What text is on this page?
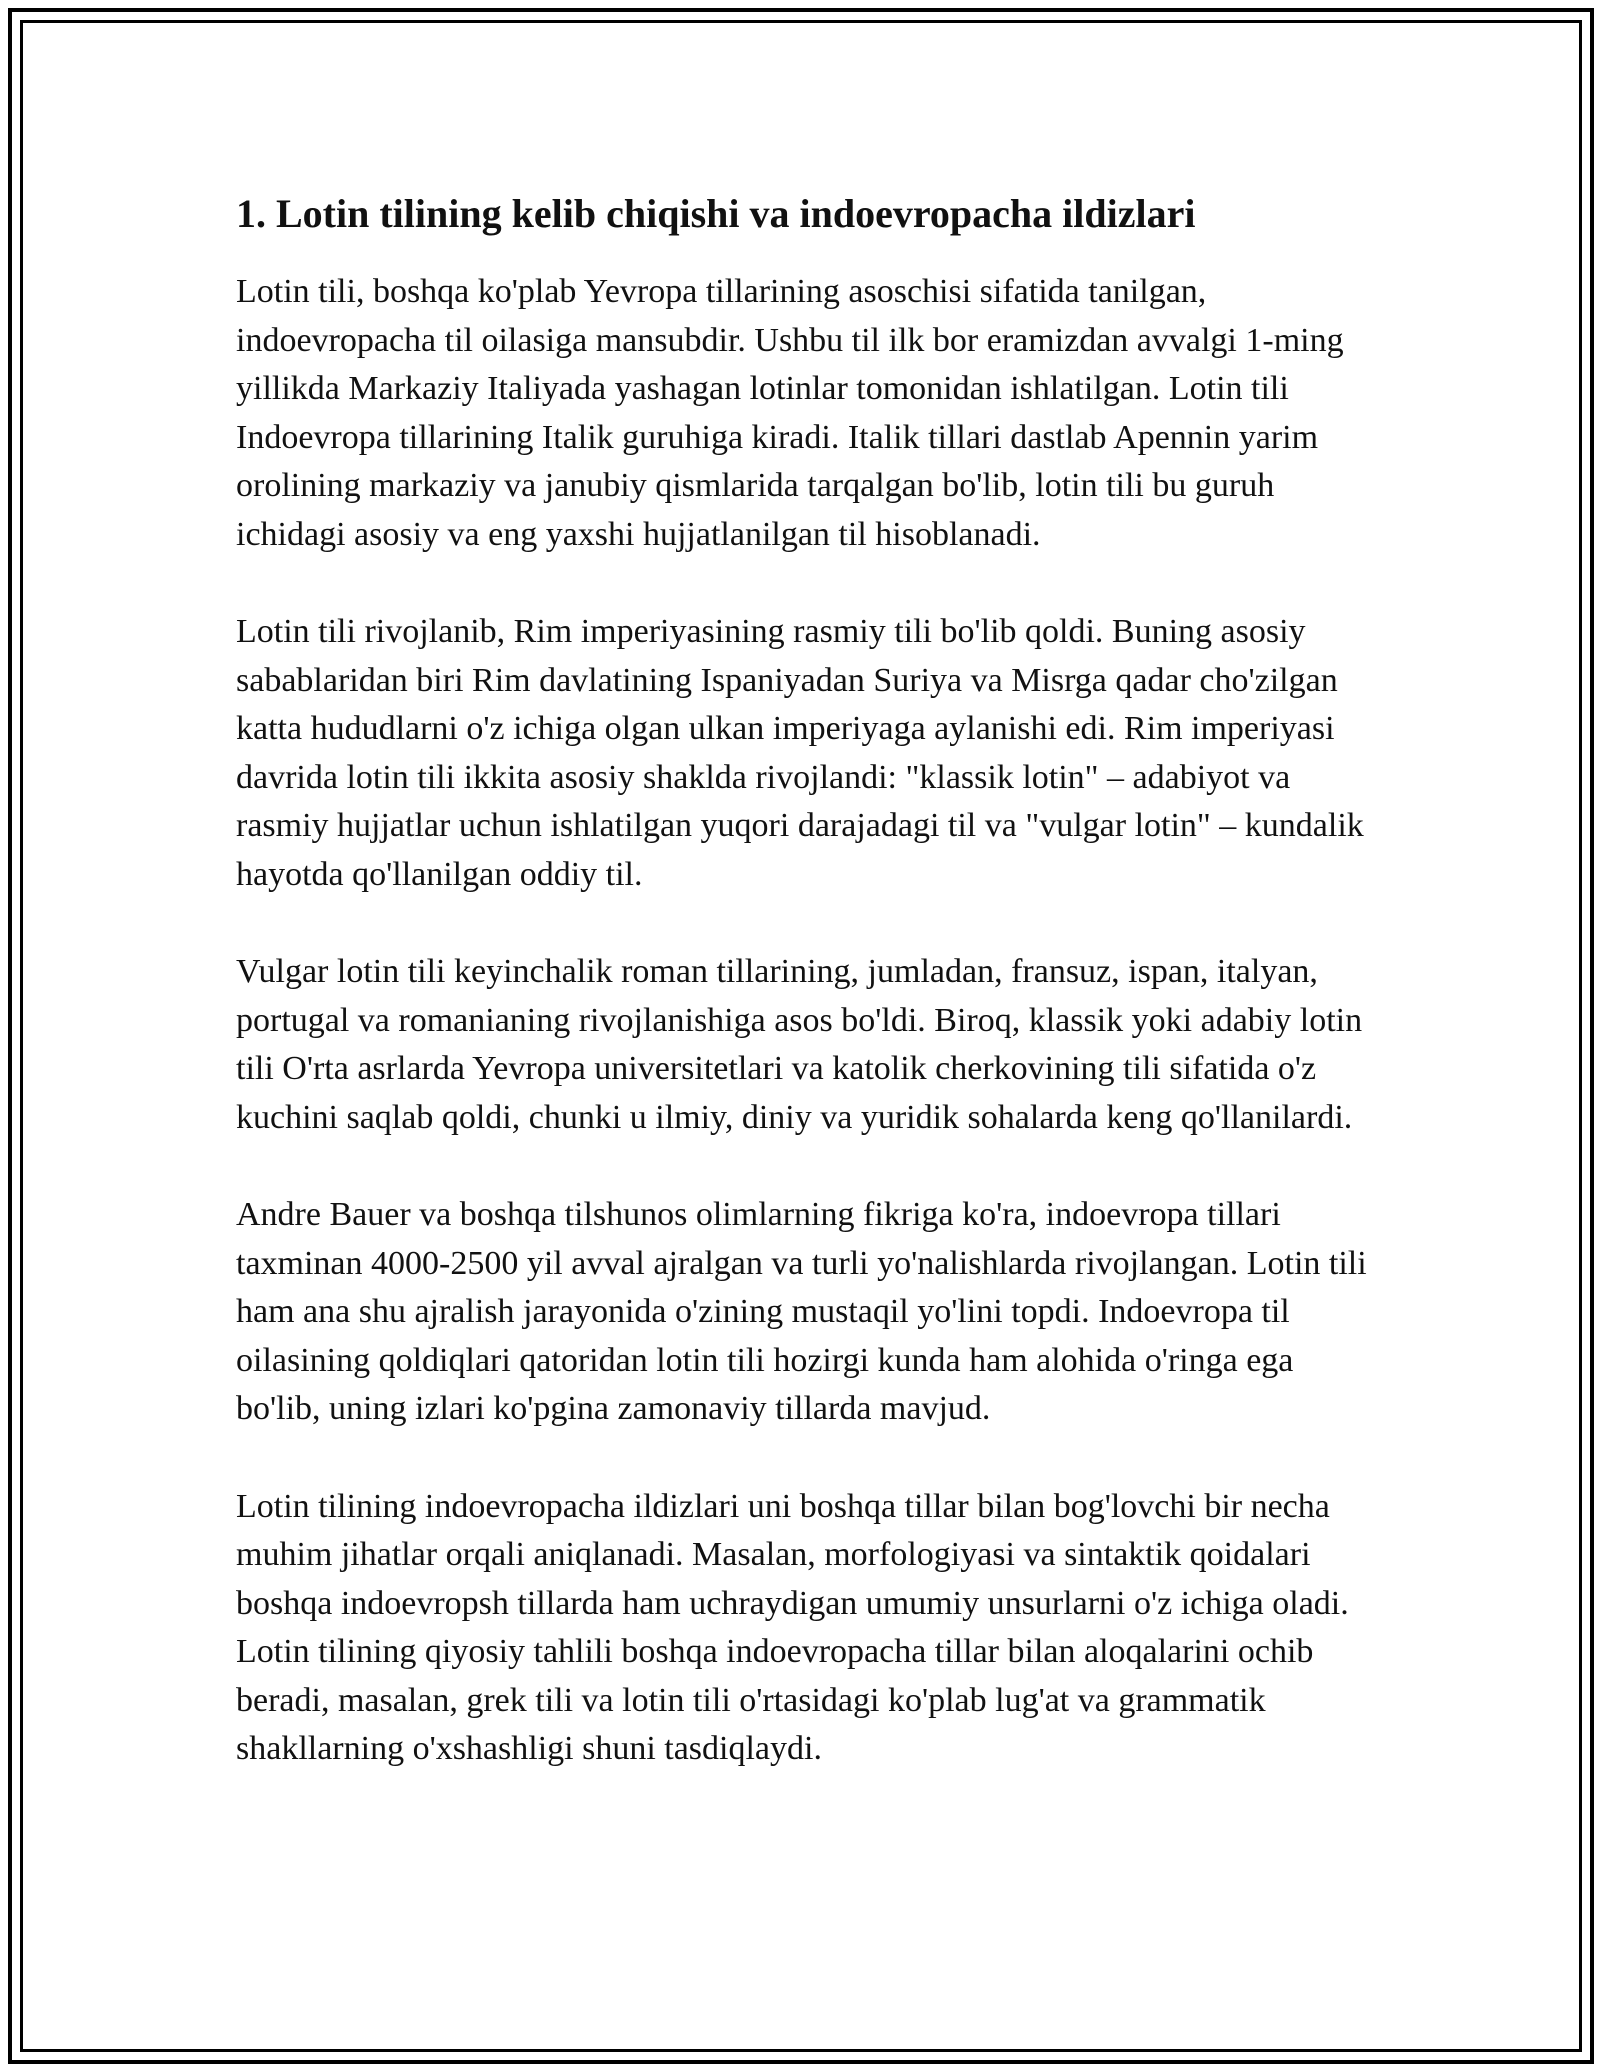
1. Lotin tilining kelib chiqishi va indoevropacha ildizlari

Lotin tili, boshqa ko'plab Yevropa tillarining asoschisi sifatida tanilgan, indoevropacha til oilasiga mansubdir. Ushbu til ilk bor eramizdan avvalgi 1-ming yillikda Markaziy Italiyada yashagan lotinlar tomonidan ishlatilgan. Lotin tili Indoevropa tillarining Italik guruhiga kiradi. Italik tillari dastlab Apennin yarim orolining markaziy va janubiy qismlarida tarqalgan bo'lib, lotin tili bu guruh ichidagi asosiy va eng yaxshi hujjatlanilgan til hisoblanadi.

Lotin tili rivojlanib, Rim imperiyasining rasmiy tili bo'lib qoldi. Buning asosiy sabablaridan biri Rim davlatining Ispaniyadan Suriya va Misrga qadar cho'zilgan katta hududlarni o'z ichiga olgan ulkan imperiyaga aylanishi edi. Rim imperiyasi davrida lotin tili ikkita asosiy shaklda rivojlandi: "klassik lotin" – adabiyot va rasmiy hujjatlar uchun ishlatilgan yuqori darajadagi til va "vulgar lotin" – kundalik hayotda qo'llanilgan oddiy til.

Vulgar lotin tili keyinchalik roman tillarining, jumladan, fransuz, ispan, italyan, portugal va romanianing rivojlanishiga asos bo'ldi. Biroq, klassik yoki adabiy lotin tili O'rta asrlarda Yevropa universitetlari va katolik cherkovining tili sifatida o'z kuchini saqlab qoldi, chunki u ilmiy, diniy va yuridik sohalarda keng qo'llanilardi.

Andre Bauer va boshqa tilshunos olimlarning fikriga ko'ra, indoevropa tillari taxminan 4000-2500 yil avval ajralgan va turli yo'nalishlarda rivojlangan. Lotin tili ham ana shu ajralish jarayonida o'zining mustaqil yo'lini topdi. Indoevropa til oilasining qoldiqlari qatoridan lotin tili hozirgi kunda ham alohida o'ringa ega bo'lib, uning izlari ko'pgina zamonaviy tillarda mavjud.

Lotin tilining indoevropacha ildizlari uni boshqa tillar bilan bog'lovchi bir necha muhim jihatlar orqali aniqlanadi. Masalan, morfologiyasi va sintaktik qoidalari boshqa indoevropsh tillarda ham uchraydigan umumiy unsurlarni o'z ichiga oladi. Lotin tilining qiyosiy tahlili boshqa indoevropacha tillar bilan aloqalarini ochib beradi, masalan, grek tili va lotin tili o'rtasidagi ko'plab lug'at va grammatik shakllarning o'xshashligi shuni tasdiqlaydi.
